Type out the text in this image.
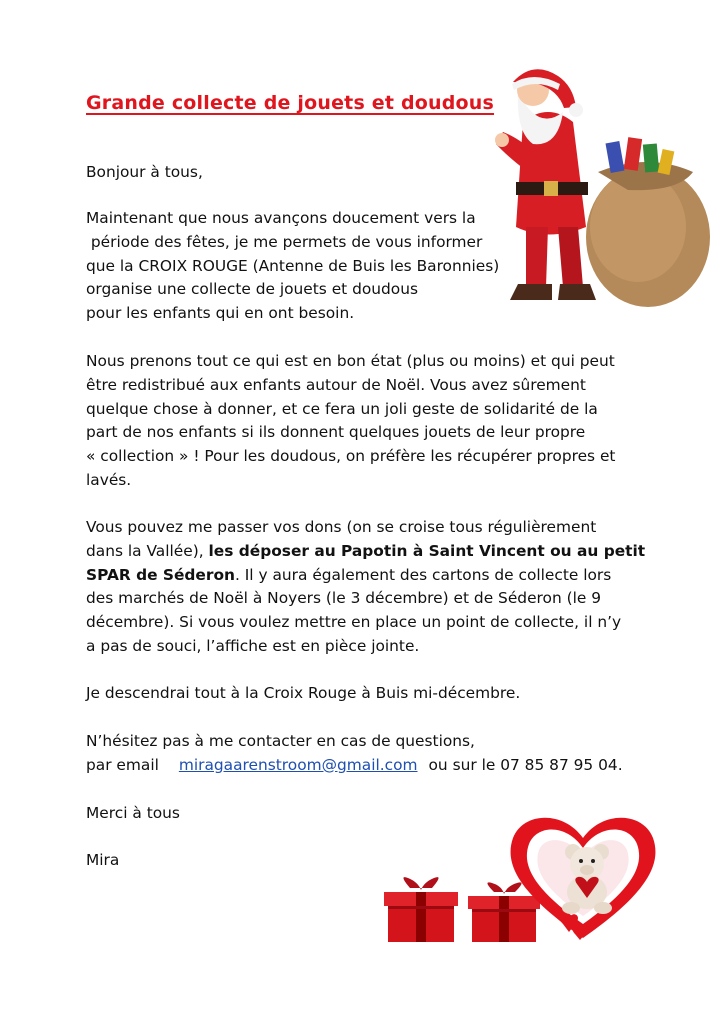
Grande collecte de jouets et doudous

Bonjour à tous,

Maintenant que nous avançons doucement vers la
période des fêtes, je me permets de vous informer
que la CROIX ROUGE (Antenne de Buis les Baronnies)
organise une collecte de jouets et doudous
pour les enfants qui en ont besoin.

Nous prenons tout ce qui est en bon état (plus ou moins) et qui peut
être redistribué aux enfants autour de Noël. Vous avez sûrement
quelque chose à donner, et ce fera un joli geste de solidarité de la
part de nos enfants si ils donnent quelques jouets de leur propre
« collection » ! Pour les doudous, on préfère les récupérer propres et
lavés.

Vous pouvez me passer vos dons (on se croise tous régulièrement
dans la Vallée), les déposer au Papotin à Saint Vincent ou au petit
SPAR de Séderon. Il y aura également des cartons de collecte lors
des marchés de Noël à Noyers (le 3 décembre) et de Séderon (le 9
décembre). Si vous voulez mettre en place un point de collecte, il n’y
a pas de souci, l’affiche est en pièce jointe.

Je descendrai tout à la Croix Rouge à Buis mi-décembre.

N’hésitez pas à me contacter en cas de questions,
par email miragaarenstroom@gmail.com ou sur le 07 85 87 95 04.

Merci à tous

Mira
